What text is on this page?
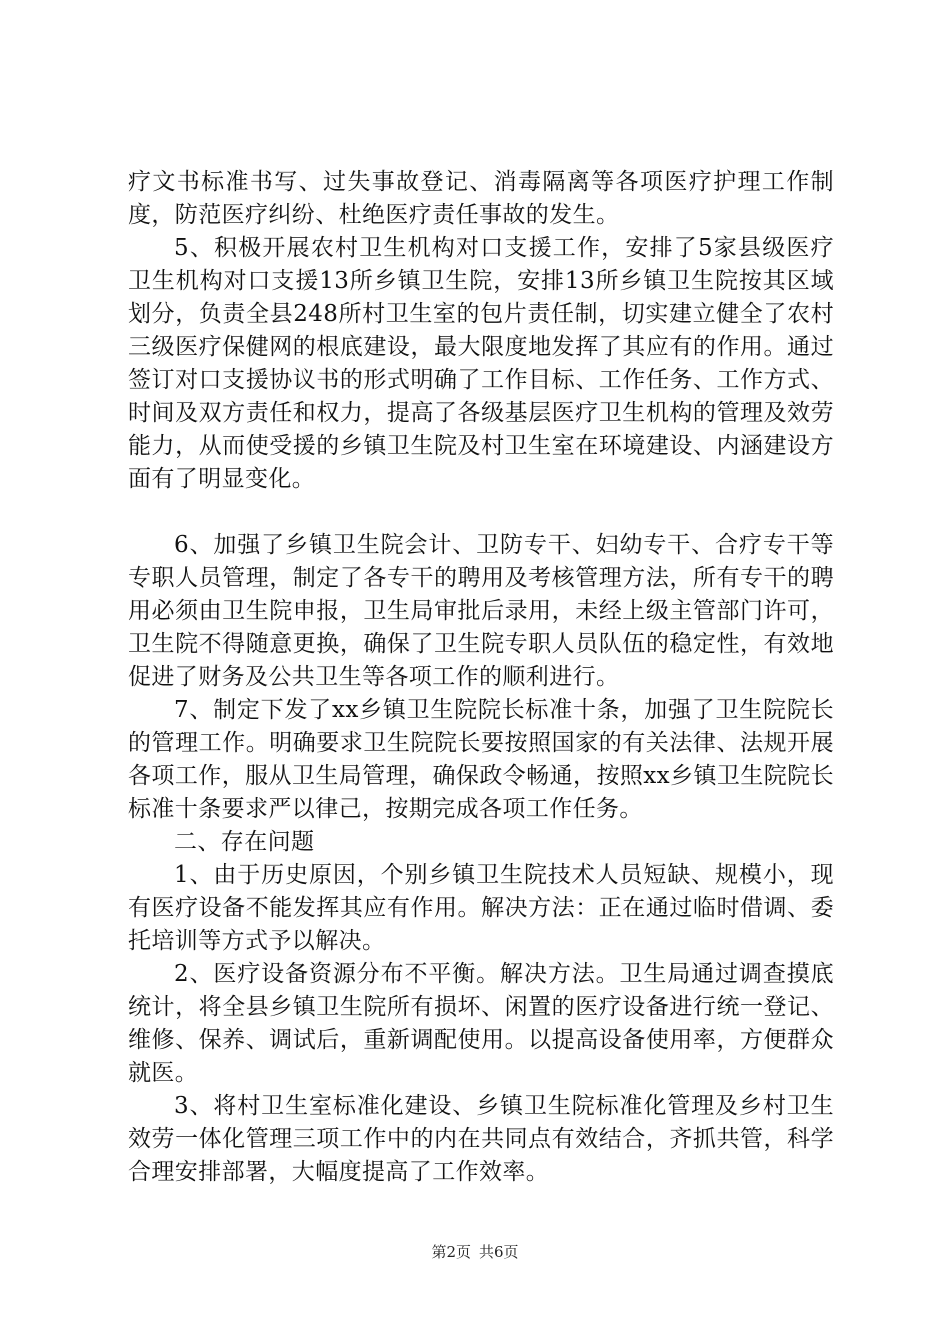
疗文书标准书写、过失事故登记、消毒隔离等各项医疗护理工作制度，防范医疗纠纷、杜绝医疗责任事故的发生。

5、积极开展农村卫生机构对口支援工作，安排了5家县级医疗卫生机构对口支援13所乡镇卫生院，安排13所乡镇卫生院按其区域划分，负责全县248所村卫生室的包片责任制，切实建立健全了农村三级医疗保健网的根底建设，最大限度地发挥了其应有的作用。通过签订对口支援协议书的形式明确了工作目标、工作任务、工作方式、时间及双方责任和权力，提高了各级基层医疗卫生机构的管理及效劳能力，从而使受援的乡镇卫生院及村卫生室在环境建设、内涵建设方面有了明显变化。

6、加强了乡镇卫生院会计、卫防专干、妇幼专干、合疗专干等专职人员管理，制定了各专干的聘用及考核管理方法，所有专干的聘用必须由卫生院申报，卫生局审批后录用，未经上级主管部门许可，卫生院不得随意更换，确保了卫生院专职人员队伍的稳定性，有效地促进了财务及公共卫生等各项工作的顺利进行。

7、制定下发了xx乡镇卫生院院长标准十条，加强了卫生院院长的管理工作。明确要求卫生院院长要按照国家的有关法律、法规开展各项工作，服从卫生局管理，确保政令畅通，按照xx乡镇卫生院院长标准十条要求严以律己，按期完成各项工作任务。

二、存在问题

1、由于历史原因，个别乡镇卫生院技术人员短缺、规模小，现有医疗设备不能发挥其应有作用。解决方法：正在通过临时借调、委托培训等方式予以解决。

2、医疗设备资源分布不平衡。解决方法。卫生局通过调查摸底统计，将全县乡镇卫生院所有损坏、闲置的医疗设备进行统一登记、维修、保养、调试后，重新调配使用。以提高设备使用率，方便群众就医。

3、将村卫生室标准化建设、乡镇卫生院标准化管理及乡村卫生效劳一体化管理三项工作中的内在共同点有效结合，齐抓共管，科学合理安排部署，大幅度提高了工作效率。

第2页 共6页
